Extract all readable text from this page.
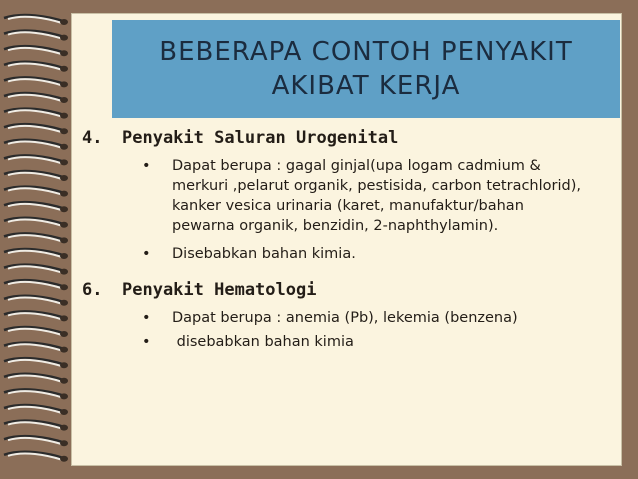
BEBERAPA CONTOH PENYAKIT
AKIBAT KERJA
4.	Penyakit Saluran Urogenital
•	Dapat berupa : gagal ginjal(upa logam cadmium & merkuri ,pelarut organik, pestisida, carbon tetrachlorid), kanker vesica urinaria (karet, manufaktur/bahan pewarna organik, benzidin, 2-naphthylamin).
•	Disebabkan bahan kimia.
6.	Penyakit Hematologi
•	Dapat berupa : anemia (Pb), lekemia (benzena)
•	disebabkan bahan kimia
